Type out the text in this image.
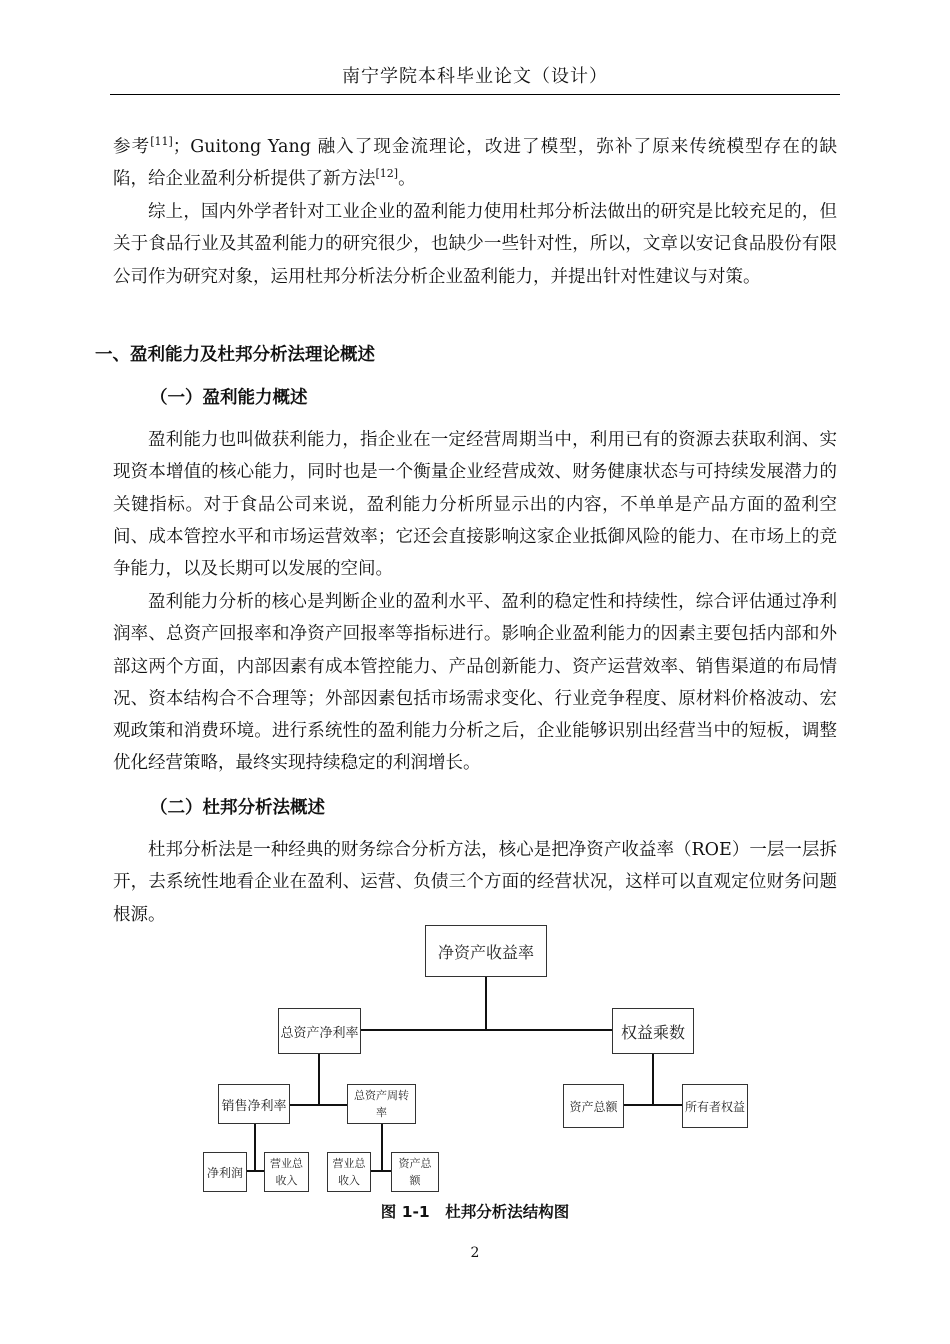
南宁学院本科毕业论文（设计）

参考[11]；Guitong Yang 融入了现金流理论，改进了模型，弥补了原来传统模型存在的缺陷，给企业盈利分析提供了新方法[12]。

综上，国内外学者针对工业企业的盈利能力使用杜邦分析法做出的研究是比较充足的，但关于食品行业及其盈利能力的研究很少，也缺少一些针对性，所以，文章以安记食品股份有限公司作为研究对象，运用杜邦分析法分析企业盈利能力，并提出针对性建议与对策。

一、盈利能力及杜邦分析法理论概述
（一）盈利能力概述

盈利能力也叫做获利能力，指企业在一定经营周期当中，利用已有的资源去获取利润、实现资本增值的核心能力，同时也是一个衡量企业经营成效、财务健康状态与可持续发展潜力的关键指标。对于食品公司来说，盈利能力分析所显示出的内容，不单单是产品方面的盈利空间、成本管控水平和市场运营效率；它还会直接影响这家企业抵御风险的能力、在市场上的竞争能力，以及长期可以发展的空间。

盈利能力分析的核心是判断企业的盈利水平、盈利的稳定性和持续性，综合评估通过净利润率、总资产回报率和净资产回报率等指标进行。影响企业盈利能力的因素主要包括内部和外部这两个方面，内部因素有成本管控能力、产品创新能力、资产运营效率、销售渠道的布局情况、资本结构合不合理等；外部因素包括市场需求变化、行业竞争程度、原材料价格波动、宏观政策和消费环境。进行系统性的盈利能力分析之后，企业能够识别出经营当中的短板，调整优化经营策略，最终实现持续稳定的利润增长。

（二）杜邦分析法概述

杜邦分析法是一种经典的财务综合分析方法，核心是把净资产收益率（ROE）一层一层拆开，去系统性地看企业在盈利、运营、负债三个方面的经营状况，这样可以直观定位财务问题根源。

净资产收益率
总资产净利率	权益乘数
销售净利率
总资产周转
率	资产总额	所有者权益
净利润
营业总
收入
营业总
收入
资产总
额
图 1-1　杜邦分析法结构图
2
